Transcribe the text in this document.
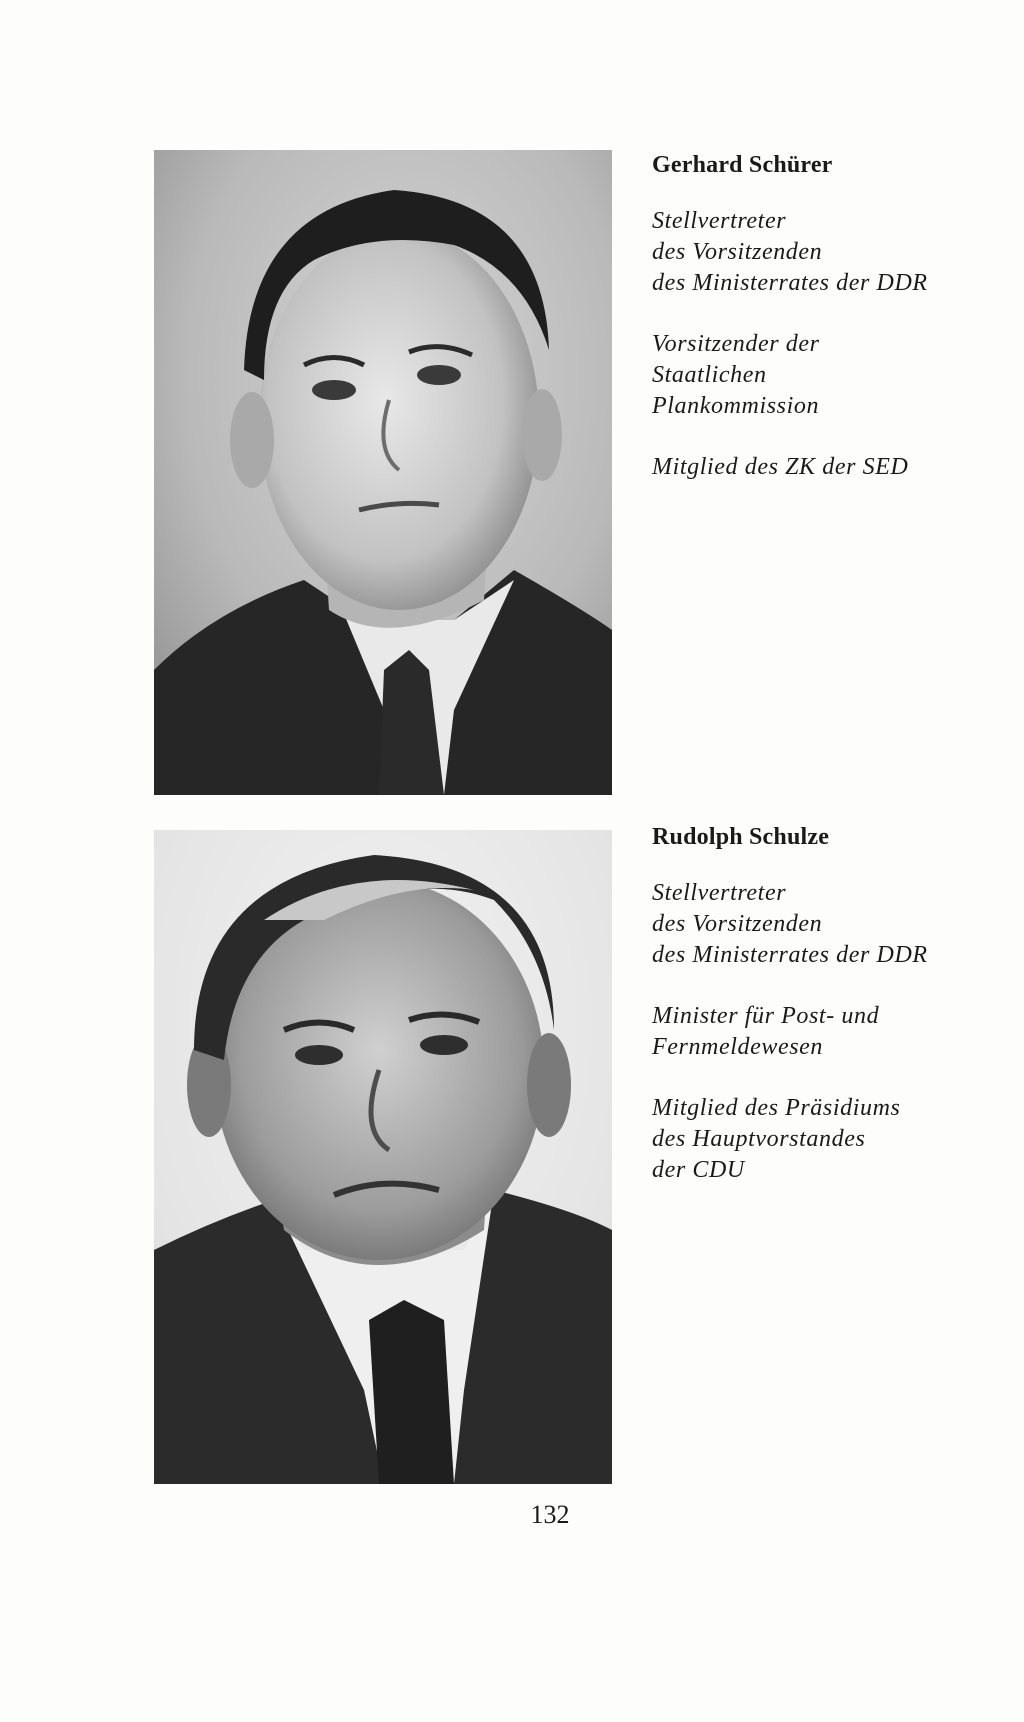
Gerhard Schürer
Stellvertreter
des Vorsitzenden
des Ministerrates der DDR
Vorsitzender der
Staatlichen
Plankommission
Mitglied des ZK der SED
Rudolph Schulze
Stellvertreter
des Vorsitzenden
des Ministerrates der DDR
Minister für Post- und
Fernmeldewesen
Mitglied des Präsidiums
des Hauptvorstandes
der CDU
132
